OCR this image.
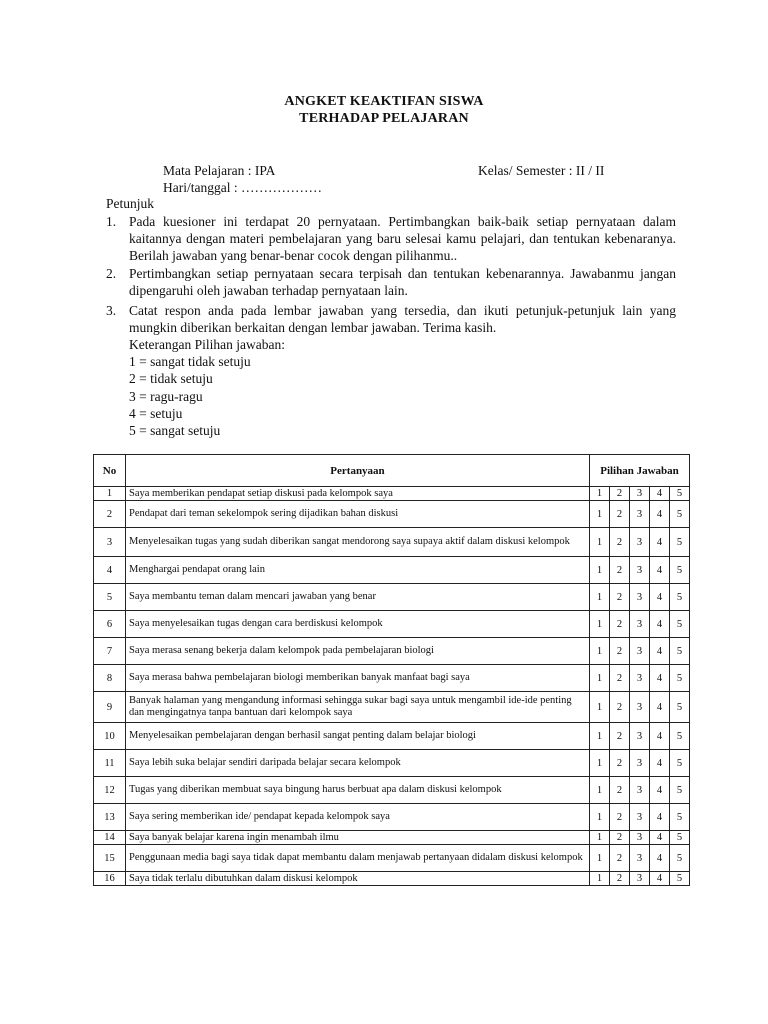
ANGKET KEAKTIFAN SISWA
TERHADAP PELAJARAN
Mata Pelajaran : IPA	Kelas/ Semester : II / II
Hari/tanggal : ………………
Petunjuk
1. Pada kuesioner ini terdapat 20 pernyataan. Pertimbangkan baik-baik setiap pernyataan dalam kaitannya dengan materi pembelajaran yang baru selesai kamu pelajari, dan tentukan kebenaranya. Berilah jawaban yang benar-benar cocok dengan pilihanmu..
2. Pertimbangkan setiap pernyataan secara terpisah dan tentukan kebenarannya. Jawabanmu jangan dipengaruhi oleh jawaban terhadap pernyataan lain.
3. Catat respon anda pada lembar jawaban yang tersedia, dan ikuti petunjuk-petunjuk lain yang mungkin diberikan berkaitan dengan lembar jawaban. Terima kasih.
Keterangan Pilihan jawaban:
1 = sangat tidak setuju
2 = tidak setuju
3 = ragu-ragu
4 = setuju
5 = sangat setuju
No	Pertanyaan	Pilihan Jawaban				
1	Saya memberikan pendapat setiap diskusi pada kelompok saya	1	2	3	4	5
2	Pendapat dari teman sekelompok sering dijadikan bahan diskusi	1	2	3	4	5
3	Menyelesaikan tugas yang sudah diberikan sangat mendorong saya supaya aktif dalam diskusi kelompok	1	2	3	4	5
4	Menghargai pendapat orang lain	1	2	3	4	5
5	Saya membantu teman dalam mencari jawaban yang benar	1	2	3	4	5
6	Saya menyelesaikan tugas dengan cara berdiskusi kelompok	1	2	3	4	5
7	Saya merasa senang bekerja dalam kelompok pada pembelajaran biologi	1	2	3	4	5
8	Saya merasa bahwa pembelajaran biologi memberikan banyak manfaat bagi saya	1	2	3	4	5
9	Banyak halaman yang mengandung informasi sehingga sukar bagi saya untuk mengambil ide-ide penting dan mengingatnya tanpa bantuan dari kelompok saya	1	2	3	4	5
10	Menyelesaikan pembelajaran dengan berhasil sangat penting dalam belajar biologi	1	2	3	4	5
11	Saya lebih suka belajar sendiri daripada belajar secara kelompok	1	2	3	4	5
12	Tugas yang diberikan membuat saya bingung harus berbuat apa dalam diskusi kelompok	1	2	3	4	5
13	Saya sering memberikan ide/ pendapat kepada kelompok saya	1	2	3	4	5
14	Saya banyak belajar karena ingin menambah ilmu	1	2	3	4	5
15	Penggunaan media bagi saya tidak dapat membantu dalam menjawab pertanyaan didalam diskusi kelompok	1	2	3	4	5
16	Saya tidak terlalu dibutuhkan dalam diskusi kelompok	1	2	3	4	5
